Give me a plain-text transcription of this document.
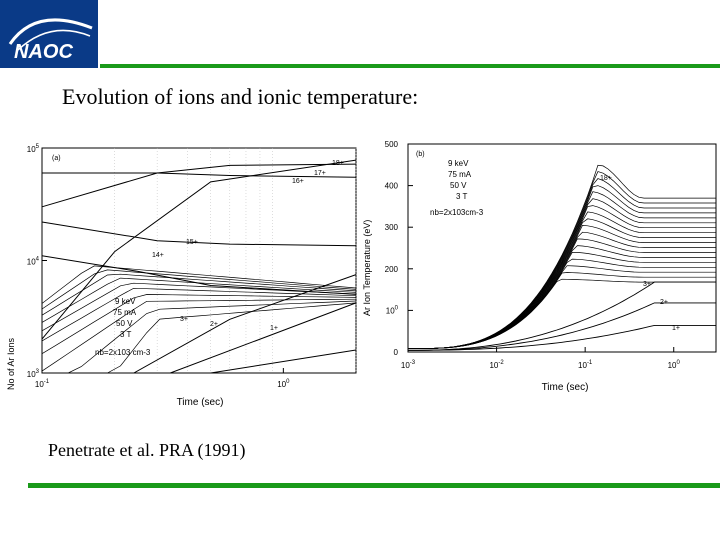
NAOC
Evolution of ions and ionic temperature:
$10^{-1}$	$10^0$
$10^3$
$10^4$
$10^5$
(a)
Time (sec)
No of Ar Ions
9 keV
75 mA
50 V
3 T
nb=2x103 cm-3
1+
2+
3+
14+
15+
16+
17+
18+
$10^{-3}$	$10^{-2}$	$10^{-1}$	$10^0$
0
$10^0$
200
300
400
500
(b)
Time (sec)
Ar Ion Temperature (eV)
9 keV
75 mA
50 V
3 T
nb=2x103cm-3
18+
3+
2+
1+
Penetrate et al. PRA (1991)
